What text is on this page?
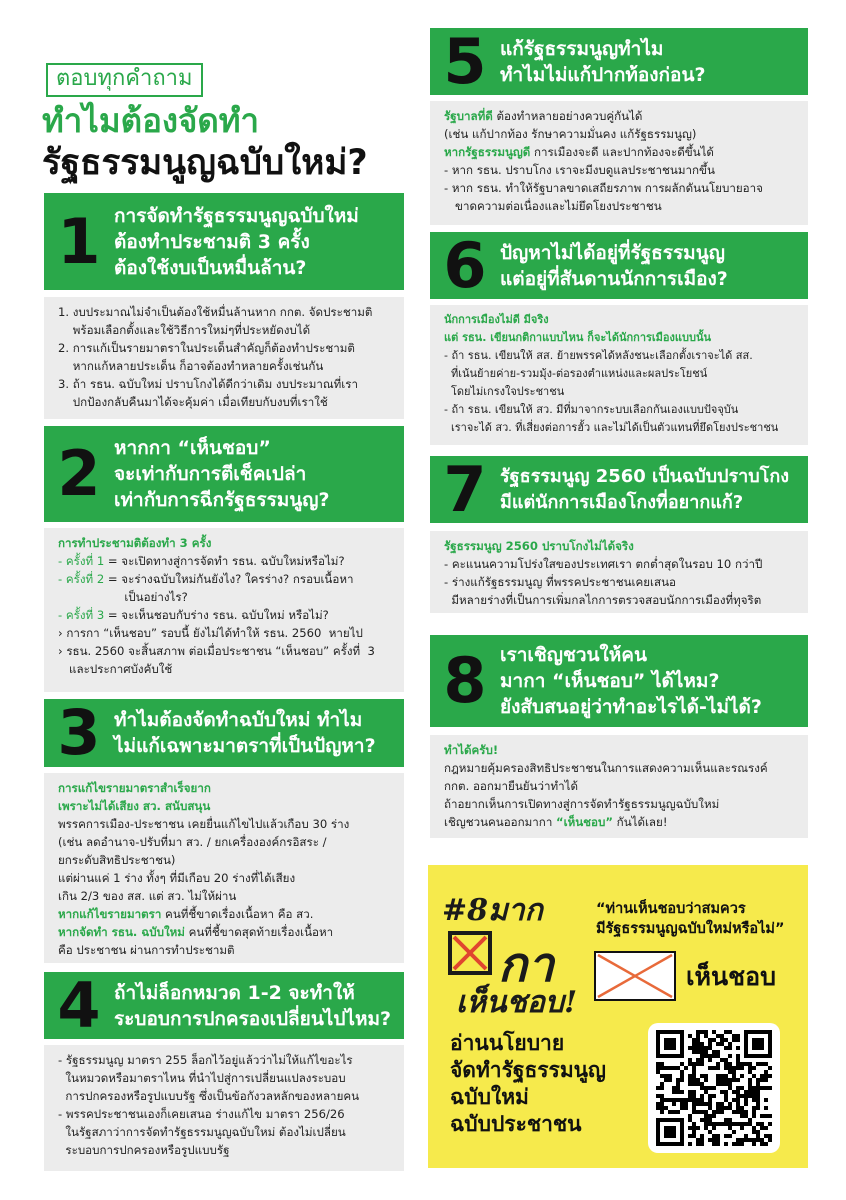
ตอบทุกคำถาม
ทำไมต้องจัดทำ
รัฐธรรมนูญฉบับใหม่?
1 การจัดทำรัฐธรรมนูญฉบับใหม่
ต้องทำประชามติ 3 ครั้ง
ต้องใช้งบเป็นหมื่นล้าน?
1. งบประมาณไม่จำเป็นต้องใช้หมื่นล้านหาก กกต. จัดประชามติ
พร้อมเลือกตั้งและใช้วิธีการใหม่ๆที่ประหยัดงบได้
2. การแก้เป็นรายมาตราในประเด็นสำคัญก็ต้องทำประชามติ
หากแก้หลายประเด็น ก็อาจต้องทำหลายครั้งเช่นกัน
3. ถ้า รธน. ฉบับใหม่ ปราบโกงได้ดีกว่าเดิม งบประมาณที่เรา
ปกป้องกลับคืนมาได้จะคุ้มค่า เมื่อเทียบกับงบที่เราใช้
2 หากกา “เห็นชอบ”
จะเท่ากับการตีเช็คเปล่า
เท่ากับการฉีกรัฐธรรมนูญ?
การทำประชามติต้องทำ 3 ครั้ง
- ครั้งที่ 1 = จะเปิดทางสู่การจัดทำ รธน. ฉบับใหม่หรือไม่?
- ครั้งที่ 2 = จะร่างฉบับใหม่กันยังไง? ใครร่าง? กรอบเนื้อหา
เป็นอย่างไร?
- ครั้งที่ 3 = จะเห็นชอบกับร่าง รธน. ฉบับใหม่ หรือไม่?
› การกา “เห็นชอบ” รอบนี้ ยังไม่ได้ทำให้ รธน. 2560  หายไป
› รธน. 2560 จะสิ้นสภาพ ต่อเมื่อประชาชน “เห็นชอบ” ครั้งที่  3
และประกาศบังคับใช้
3 ทำไมต้องจัดทำฉบับใหม่ ทำไม
ไม่แก้เฉพาะมาตราที่เป็นปัญหา?
การแก้ไขรายมาตราสำเร็จยาก
เพราะไม่ได้เสียง สว. สนับสนุน
พรรคการเมือง-ประชาชน เคยยื่นแก้ไขไปแล้วเกือบ 30 ร่าง
(เช่น ลดอำนาจ-ปรับที่มา สว. / ยกเครื่ององค์กรอิสระ /
ยกระดับสิทธิประชาชน)
แต่ผ่านแค่ 1 ร่าง ทั้งๆ ที่มีเกือบ 20 ร่างที่ได้เสียง
เกิน 2/3 ของ สส. แต่ สว. ไม่ให้ผ่าน
หากแก้ไขรายมาตรา คนที่ชี้ขาดเรื่องเนื้อหา คือ สว.
หากจัดทำ รธน. ฉบับใหม่ คนที่ชี้ขาดสุดท้ายเรื่องเนื้อหา
คือ ประชาชน ผ่านการทำประชามติ
4 ถ้าไม่ล็อกหมวด 1-2 จะทำให้
ระบอบการปกครองเปลี่ยนไปไหม?
- รัฐธรรมนูญ มาตรา 255 ล็อกไว้อยู่แล้วว่าไม่ให้แก้ไขอะไร
ในหมวดหรือมาตราไหน ที่นำไปสู่การเปลี่ยนแปลงระบอบ
การปกครองหรือรูปแบบรัฐ ซึ่งเป็นข้อกังวลหลักของหลายคน
- พรรคประชาชนเองก็เคยเสนอ ร่างแก้ไข มาตรา 256/26
ในรัฐสภาว่าการจัดทำรัฐธรรมนูญฉบับใหม่ ต้องไม่เปลี่ยน
ระบอบการปกครองหรือรูปแบบรัฐ
5 แก้รัฐธรรมนูญทำไม
ทำไมไม่แก้ปากท้องก่อน?
รัฐบาลที่ดี ต้องทำหลายอย่างควบคู่กันได้
(เช่น แก้ปากท้อง รักษาความมั่นคง แก้รัฐธรรมนูญ)
หากรัฐธรรมนูญดี การเมืองจะดี และปากท้องจะดีขึ้นได้
- หาก รธน. ปราบโกง เราจะมีงบดูแลประชาชนมากขึ้น
- หาก รธน. ทำให้รัฐบาลขาดเสถียรภาพ การผลักดันนโยบายอาจ
ขาดความต่อเนื่องและไม่ยึดโยงประชาชน
6 ปัญหาไม่ได้อยู่ที่รัฐธรรมนูญ
แต่อยู่ที่สันดานนักการเมือง?
นักการเมืองไม่ดี มีจริง
แต่ รธน. เขียนกติกาแบบไหน ก็จะได้นักการเมืองแบบนั้น
- ถ้า รธน. เขียนให้ สส. ย้ายพรรคได้หลังชนะเลือกตั้งเราจะได้ สส.
ที่เน้นย้ายค่าย-รวมมุ้ง-ต่อรองตำแหน่งและผลประโยชน์
โดยไม่เกรงใจประชาชน
- ถ้า รธน. เขียนให้ สว. มีที่มาจากระบบเลือกกันเองแบบปัจจุบัน
เราจะได้ สว. ที่เสี่ยงต่อการฮั้ว และไม่ได้เป็นตัวแทนที่ยึดโยงประชาชน
7 รัฐธรรมนูญ 2560 เป็นฉบับปราบโกง
มีแต่นักการเมืองโกงที่อยากแก้?
รัฐธรรมนูญ 2560 ปราบโกงไม่ได้จริง
- คะแนนความโปร่งใสของประเทศเรา ตกต่ำสุดในรอบ 10 กว่าปี
- ร่างแก้รัฐธรรมนูญ ที่พรรคประชาชนเคยเสนอ
มีหลายร่างที่เป็นการเพิ่มกลไกการตรวจสอบนักการเมืองที่ทุจริต
8 เราเชิญชวนให้คน
มากา “เห็นชอบ” ได้ไหม?
ยังสับสนอยู่ว่าทำอะไรได้-ไม่ได้?
ทำได้ครับ!
กฎหมายคุ้มครองสิทธิประชาชนในการแสดงความเห็นและรณรงค์
กกต. ออกมายืนยันว่าทำได้
ถ้าอยากเห็นการเปิดทางสู่การจัดทำรัฐธรรมนูญฉบับใหม่
เชิญชวนคนออกมากา “เห็นชอบ” กันได้เลย!
#8มาก
กา
เห็นชอบ!
“ท่านเห็นชอบว่าสมควร
มีรัฐธรรมนูญฉบับใหม่หรือไม่”
เห็นชอบ
อ่านนโยบาย
จัดทำรัฐธรรมนูญ
ฉบับใหม่
ฉบับประชาชน
